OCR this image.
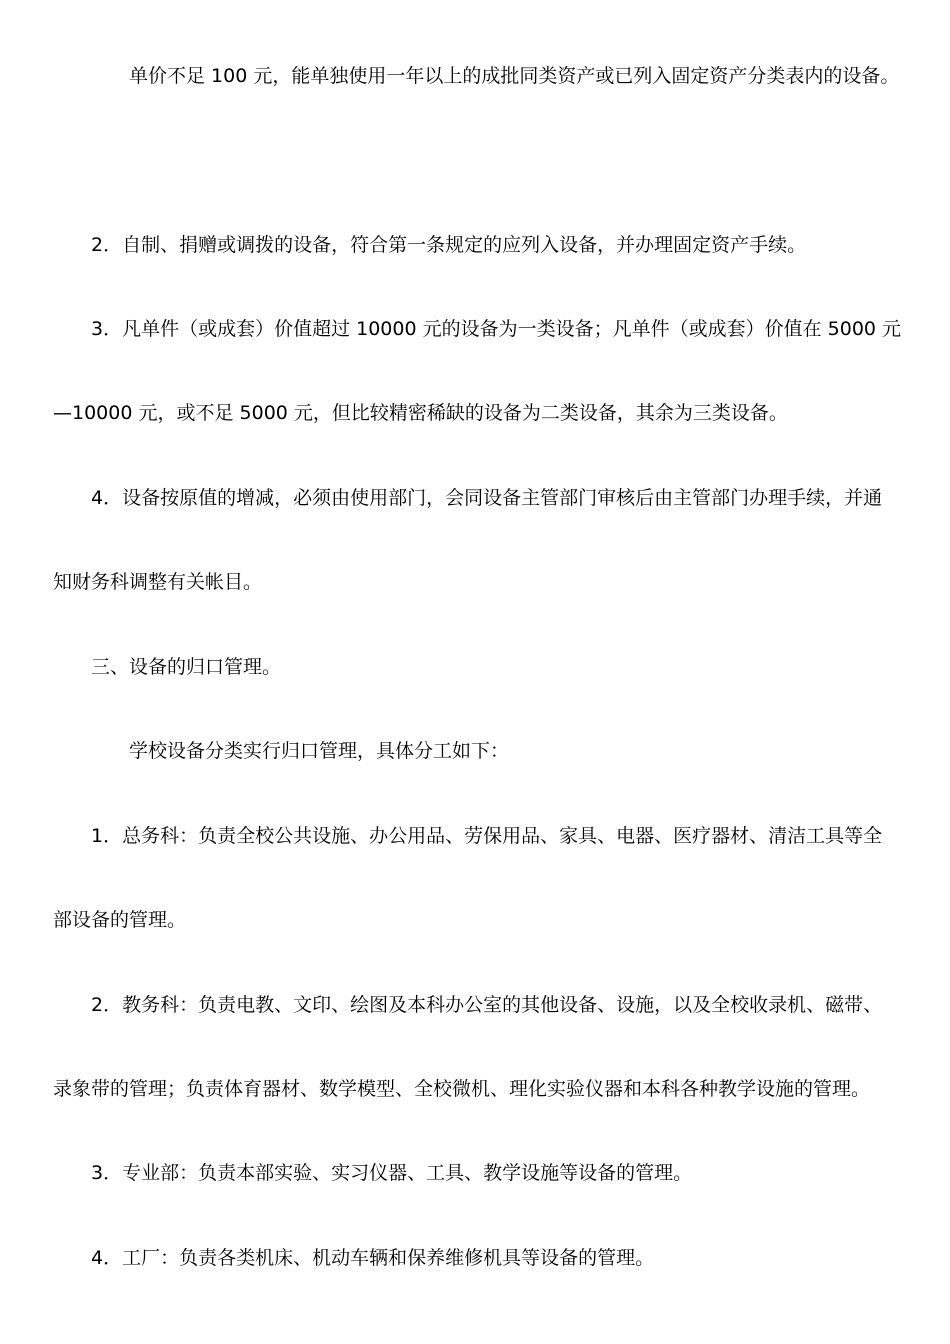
单价不足 100 元，能单独使用一年以上的成批同类资产或已列入固定资产分类表内的设备。
2．自制、捐赠或调拨的设备，符合第一条规定的应列入设备，并办理固定资产手续。
3．凡单件（或成套）价值超过 10000 元的设备为一类设备；凡单件（或成套）价值在 5000 元
—10000 元，或不足 5000 元，但比较精密稀缺的设备为二类设备，其余为三类设备。
4．设备按原值的增减，必须由使用部门，会同设备主管部门审核后由主管部门办理手续，并通
知财务科调整有关帐目。
三、设备的归口管理。
学校设备分类实行归口管理，具体分工如下：
1．总务科：负责全校公共设施、办公用品、劳保用品、家具、电器、医疗器材、清洁工具等全
部设备的管理。
2．教务科：负责电教、文印、绘图及本科办公室的其他设备、设施，以及全校收录机、磁带、
录象带的管理；负责体育器材、数学模型、全校微机、理化实验仪器和本科各种教学设施的管理。
3．专业部：负责本部实验、实习仪器、工具、教学设施等设备的管理。
4．工厂：负责各类机床、机动车辆和保养维修机具等设备的管理。
